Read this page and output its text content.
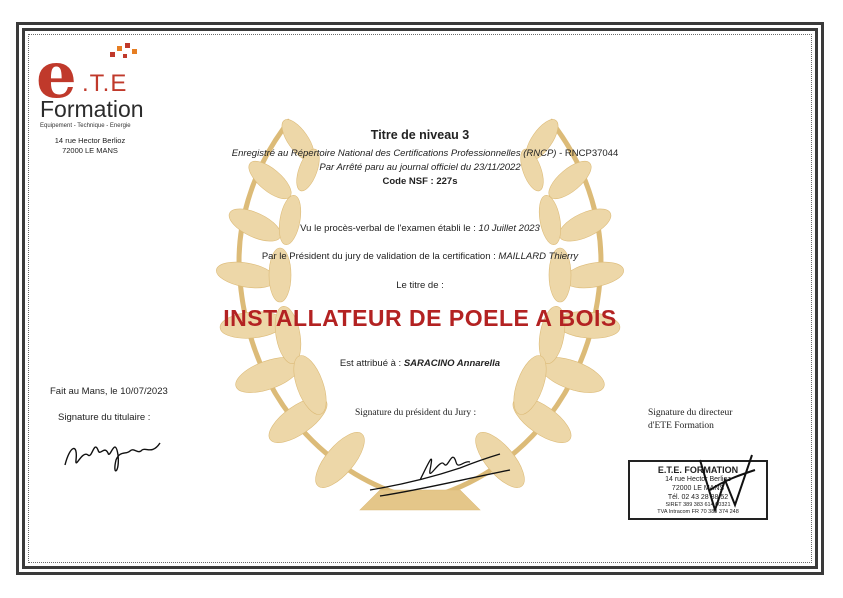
e .T.E
Formation
Equipement - Technique - Energie
14 rue Hector Berlioz
72000 LE MANS
Titre de niveau 3
Enregistré au Répertoire National des Certifications Professionnelles (RNCP) - RNCP37044
Par Arrêté paru au journal officiel du 23/11/2022
Code NSF : 227s
Vu le procès-verbal de l'examen établi le : 10 Juillet 2023
Par le Président du jury de validation de la certification : MAILLARD Thierry
Le titre de :
INSTALLATEUR DE POELE A BOIS
Est attribué à : SARACINO Annarella
Fait au Mans, le 10/07/2023
Signature du titulaire :	Signature du président du Jury :	Signature du directeur
d'ETE Formation
E.T.E. FORMATION
14 rue Hector Berlioz
72000 LE MANS
Tél. 02 43 28 88 52
SIRET 389 383 614 00321
TVA Intracom FR 70 389 374 248
